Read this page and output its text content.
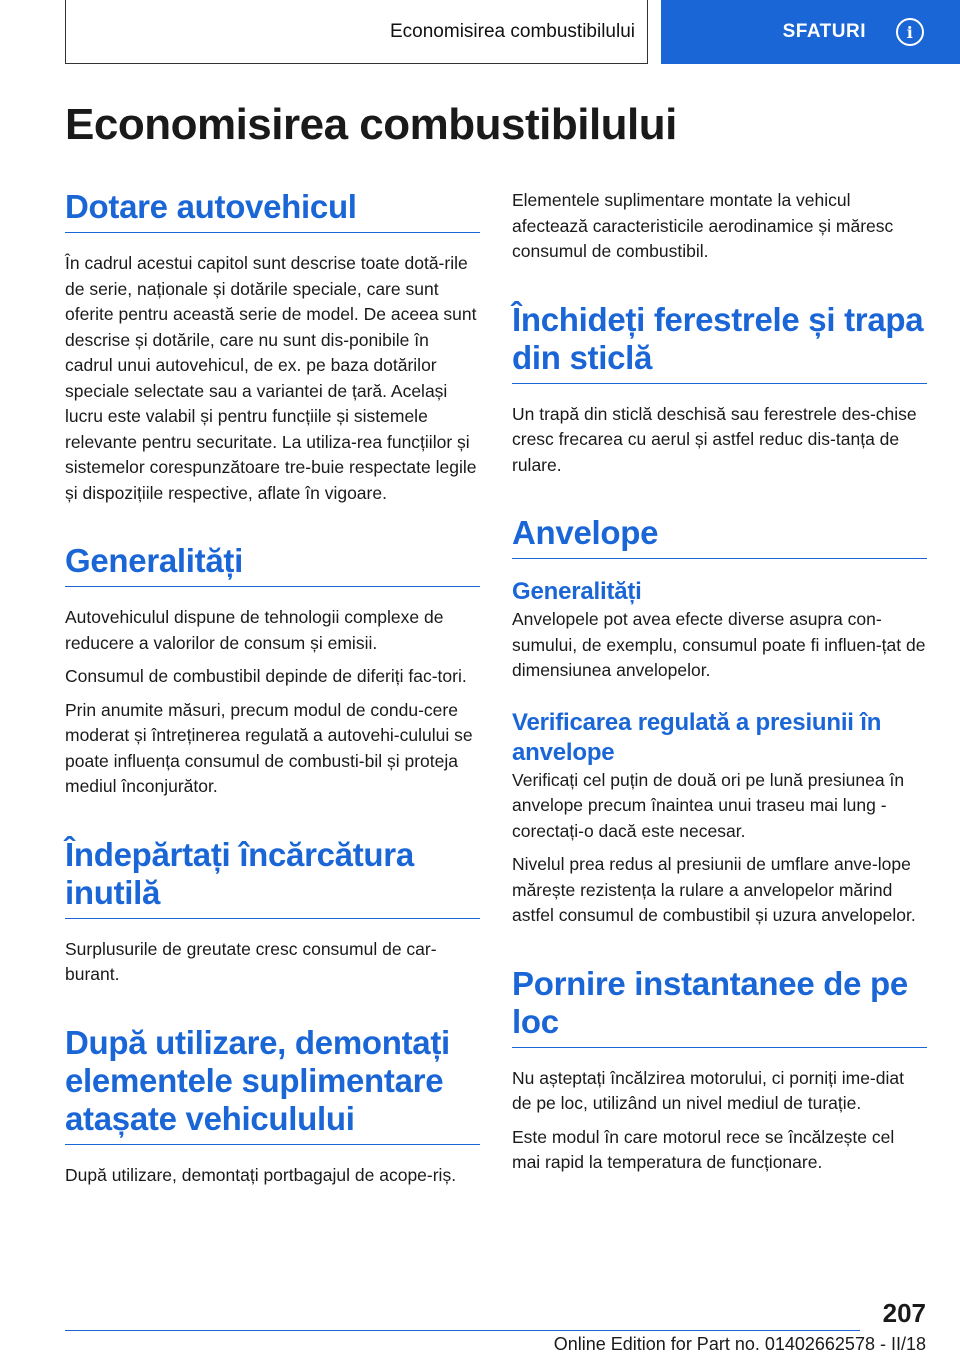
Economisirea combustibilului	SFATURI	i
Economisirea combustibilului
Dotare autovehicul

În cadrul acestui capitol sunt descrise toate dotă-rile de serie, naționale și dotările speciale, care sunt oferite pentru această serie de model. De aceea sunt descrise și dotările, care nu sunt dis-ponibile în cadrul unui autovehicul, de ex. pe baza dotărilor speciale selectate sau a variantei de țară. Același lucru este valabil și pentru funcțiile și sistemele relevante pentru securitate. La utiliza-rea funcțiilor și sistemelor corespunzătoare tre-buie respectate legile și dispozițiile respective, aflate în vigoare.

Generalități

Autovehiculul dispune de tehnologii complexe de reducere a valorilor de consum și emisii.

Consumul de combustibil depinde de diferiți fac-tori.

Prin anumite măsuri, precum modul de condu-cere moderat și întreținerea regulată a autovehi-culului se poate influența consumul de combusti-bil și proteja mediul înconjurător.

Îndepărtați încărcătura inutilă

Surplusurile de greutate cresc consumul de car-burant.

După utilizare, demontați elementele suplimentare atașate vehiculului

După utilizare, demontați portbagajul de acope-riș.

Elementele suplimentare montate la vehicul afectează caracteristicile aerodinamice și măresc consumul de combustibil.

Închideți ferestrele și trapa din sticlă

Un trapă din sticlă deschisă sau ferestrele des-chise cresc frecarea cu aerul și astfel reduc dis-tanța de rulare.

Anvelope
Generalități

Anvelopele pot avea efecte diverse asupra con-sumului, de exemplu, consumul poate fi influen-țat de dimensiunea anvelopelor.

Verificarea regulată a presiunii în anvelope

Verificați cel puțin de două ori pe lună presiunea în anvelope precum înaintea unui traseu mai lung - corectați-o dacă este necesar.

Nivelul prea redus al presiunii de umflare anve-lope mărește rezistența la rulare a anvelopelor mărind astfel consumul de combustibil și uzura anvelopelor.

Pornire instantanee de pe loc

Nu așteptați încălzirea motorului, ci porniți ime-diat de pe loc, utilizând un nivel mediul de turație.

Este modul în care motorul rece se încălzește cel mai rapid la temperatura de funcționare.

207
Online Edition for Part no. 01402662578 - II/18
